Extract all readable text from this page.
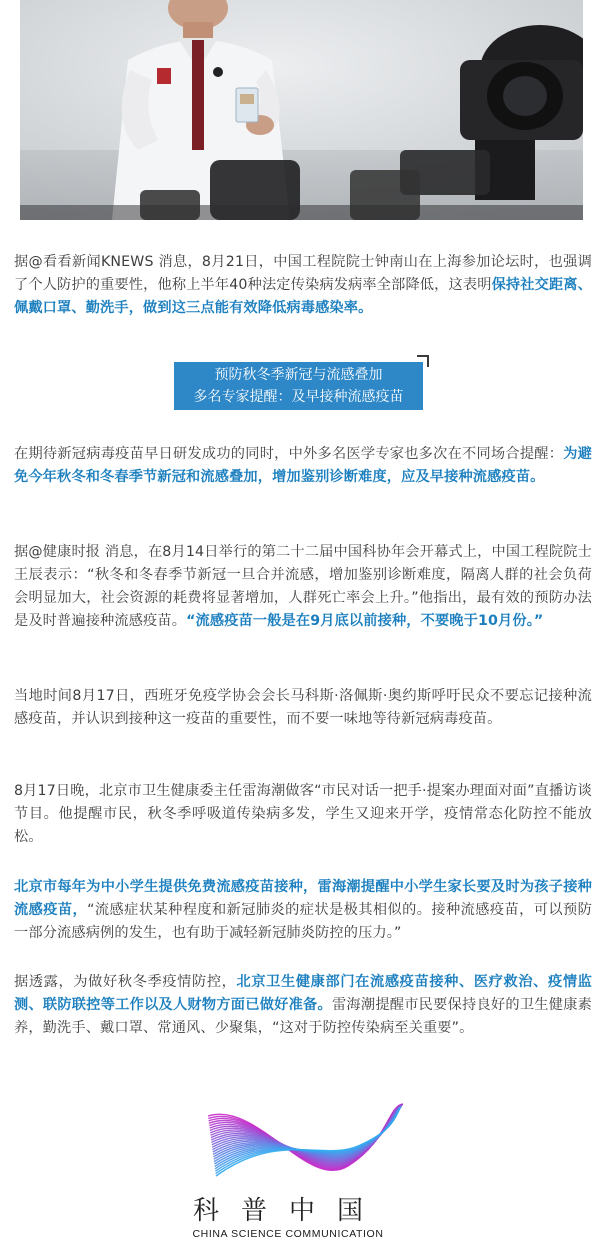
据@看看新闻KNEWS 消息，8月21日，中国工程院院士钟南山在上海参加论坛时，也强调了个人防护的重要性，他称上半年40种法定传染病发病率全部降低，这表明保持社交距离、佩戴口罩、勤洗手，做到这三点能有效降低病毒感染率。

预防秋冬季新冠与流感叠加
多名专家提醒：及早接种流感疫苗

在期待新冠病毒疫苗早日研发成功的同时，中外多名医学专家也多次在不同场合提醒：为避免今年秋冬和冬春季节新冠和流感叠加，增加鉴别诊断难度，应及早接种流感疫苗。

据@健康时报 消息，在8月14日举行的第二十二届中国科协年会开幕式上，中国工程院院士王辰表示：“秋冬和冬春季节新冠一旦合并流感，增加鉴别诊断难度，隔离人群的社会负荷会明显加大，社会资源的耗费将显著增加，人群死亡率会上升。”他指出，最有效的预防办法是及时普遍接种流感疫苗。“流感疫苗一般是在9月底以前接种，不要晚于10月份。”

当地时间8月17日，西班牙免疫学协会会长马科斯·洛佩斯·奥约斯呼吁民众不要忘记接种流感疫苗，并认识到接种这一疫苗的重要性，而不要一味地等待新冠病毒疫苗。

8月17日晚，北京市卫生健康委主任雷海潮做客“市民对话一把手·提案办理面对面”直播访谈节目。他提醒市民，秋冬季呼吸道传染病多发，学生又迎来开学，疫情常态化防控不能放松。

北京市每年为中小学生提供免费流感疫苗接种，雷海潮提醒中小学生家长要及时为孩子接种流感疫苗，“流感症状某种程度和新冠肺炎的症状是极其相似的。接种流感疫苗，可以预防一部分流感病例的发生，也有助于减轻新冠肺炎防控的压力。”

据透露，为做好秋冬季疫情防控，北京卫生健康部门在流感疫苗接种、医疗救治、疫情监测、联防联控等工作以及人财物方面已做好准备。雷海潮提醒市民要保持良好的卫生健康素养，勤洗手、戴口罩、常通风、少聚集，“这对于防控传染病至关重要”。

科普中国
CHINA SCIENCE COMMUNICATION
